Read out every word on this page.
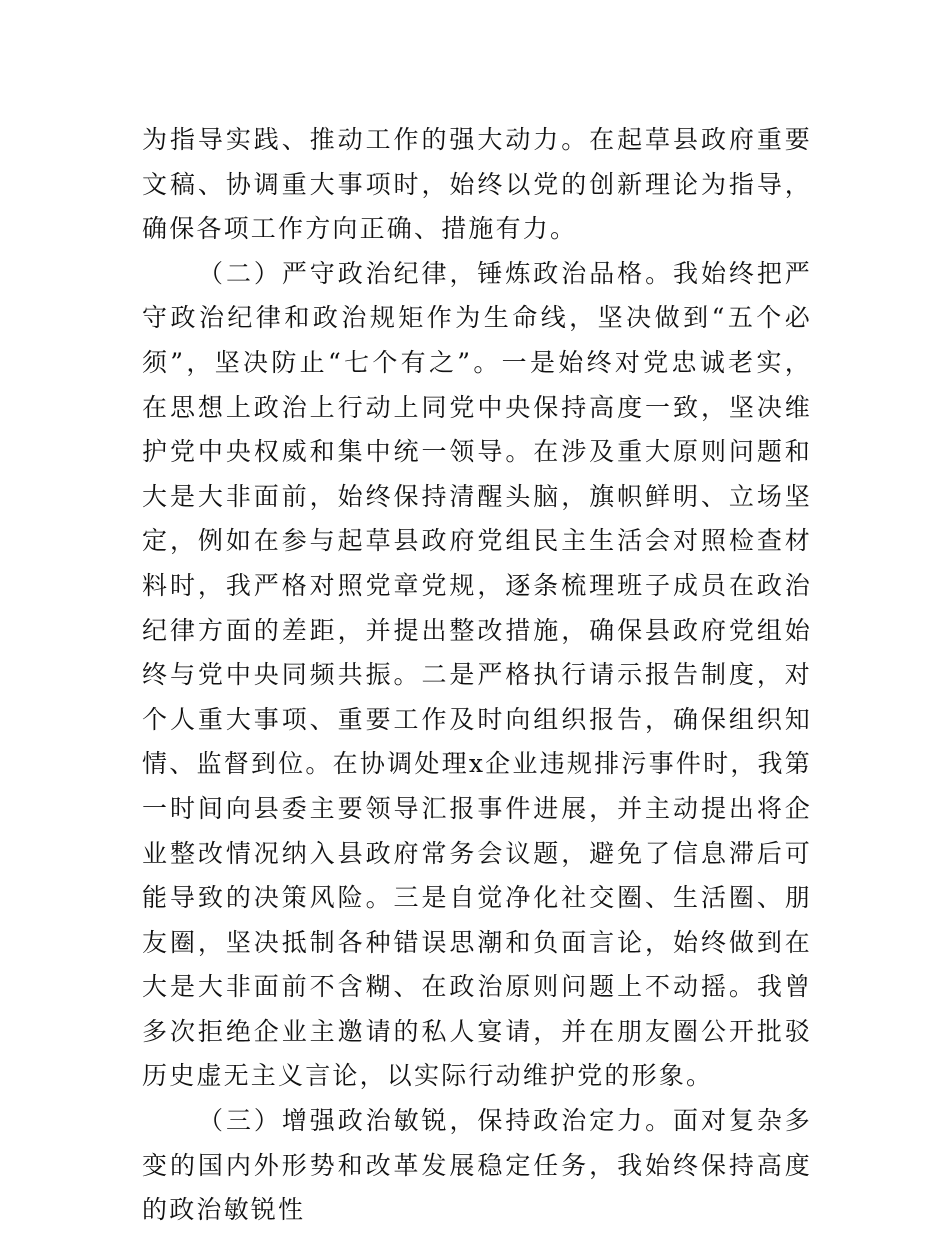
为指导实践、推动工作的强大动力。在起草县政府重要文稿、协调重大事项时，始终以党的创新理论为指导，确保各项工作方向正确、措施有力。

（二）严守政治纪律，锤炼政治品格。我始终把严守政治纪律和政治规矩作为生命线，坚决做到“五个必须”，坚决防止“七个有之”。一是始终对党忠诚老实，在思想上政治上行动上同党中央保持高度一致，坚决维护党中央权威和集中统一领导。在涉及重大原则问题和大是大非面前，始终保持清醒头脑，旗帜鲜明、立场坚定，例如在参与起草县政府党组民主生活会对照检查材料时，我严格对照党章党规，逐条梳理班子成员在政治纪律方面的差距，并提出整改措施，确保县政府党组始终与党中央同频共振。二是严格执行请示报告制度，对个人重大事项、重要工作及时向组织报告，确保组织知情、监督到位。在协调处理x企业违规排污事件时，我第一时间向县委主要领导汇报事件进展，并主动提出将企业整改情况纳入县政府常务会议题，避免了信息滞后可能导致的决策风险。三是自觉净化社交圈、生活圈、朋友圈，坚决抵制各种错误思潮和负面言论，始终做到在大是大非面前不含糊、在政治原则问题上不动摇。我曾多次拒绝企业主邀请的私人宴请，并在朋友圈公开批驳历史虚无主义言论，以实际行动维护党的形象。

（三）增强政治敏锐，保持政治定力。面对复杂多变的国内外形势和改革发展稳定任务，我始终保持高度的政治敏锐性
